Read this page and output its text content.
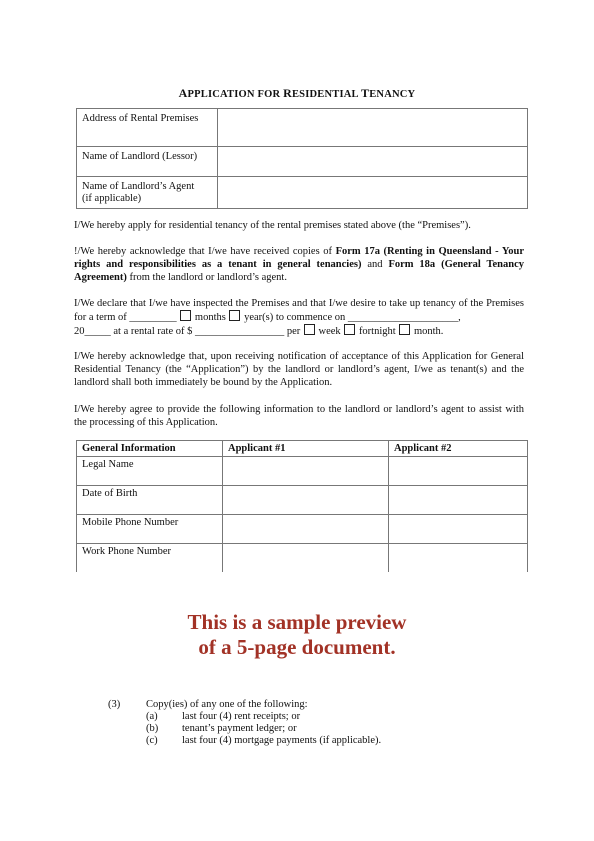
APPLICATION FOR RESIDENTIAL TENANCY
Address of Rental Premises	
Name of Landlord (Lessor)	
Name of Landlord’s Agent
(if applicable)	
I/We hereby apply for residential tenancy of the rental premises stated above (the “Premises”).
!/We hereby acknowledge that I/we have received copies of Form 17a (Renting in Queensland - Your rights and responsibilities as a tenant in general tenancies) and Form 18a (General Tenancy Agreement) from the landlord or landlord’s agent.
I/We declare that I/we have inspected the Premises and that I/we desire to take up tenancy of the Premises for a term of _________  months year(s) to commence on _____________________,
20_____ at a rental rate of $ _________________ per week fortnight month.
I/We hereby acknowledge that, upon receiving notification of acceptance of this Application for General Residential Tenancy (the “Application”) by the landlord or landlord’s agent, I/we as tenant(s) and the landlord shall both immediately be bound by the Application.
I/We hereby agree to provide the following information to the landlord or landlord’s agent to assist with the processing of this Application.
General Information	Applicant #1	Applicant #2
Legal Name		
Date of Birth		
Mobile Phone Number		
Work Phone Number		
This is a sample preview
of a 5-page document.
(3)	Copy(ies) of any one of the following:
(a)	last four (4) rent receipts; or
(b)	tenant’s payment ledger; or
(c)	last four (4) mortgage payments (if applicable).
